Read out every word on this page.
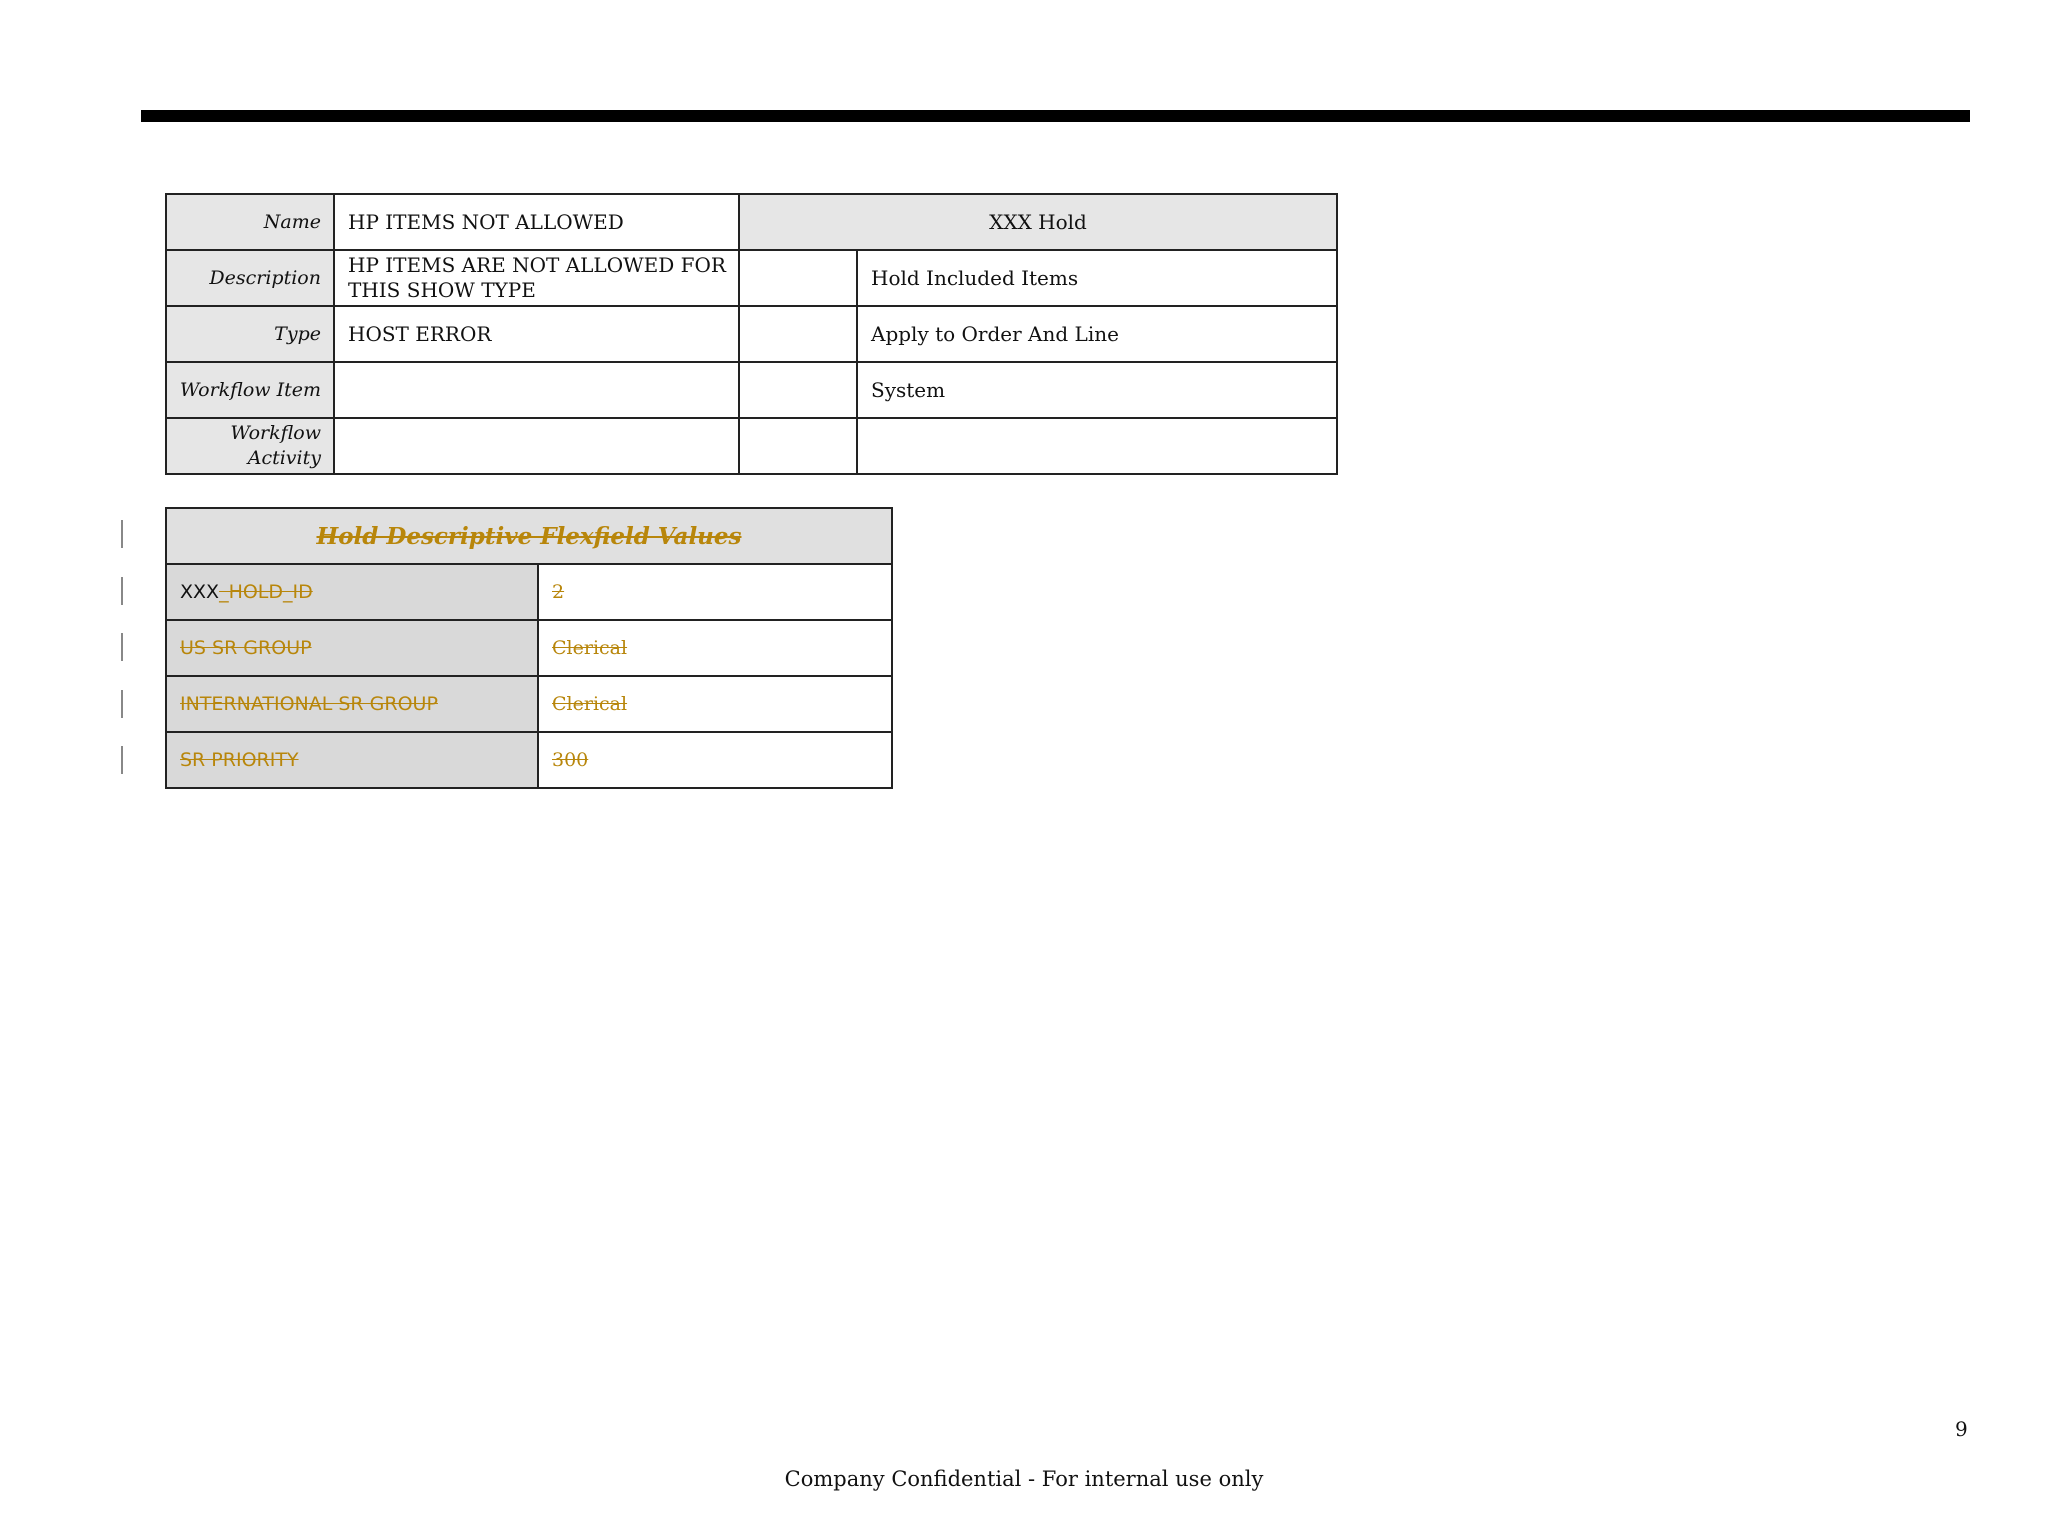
Name	HP ITEMS NOT ALLOWED	XXX Hold	
Description	HP ITEMS ARE NOT ALLOWED FOR THIS SHOW TYPE		Hold Included Items
Type	HOST ERROR		Apply to Order And Line
Workflow Item			System
Workflow Activity			
Hold Descriptive Flexfield Values	
XXX_HOLD_ID	2
US SR GROUP	Clerical
INTERNATIONAL SR GROUP	Clerical
SR PRIORITY	300
9
Company Confidential - For internal use only
